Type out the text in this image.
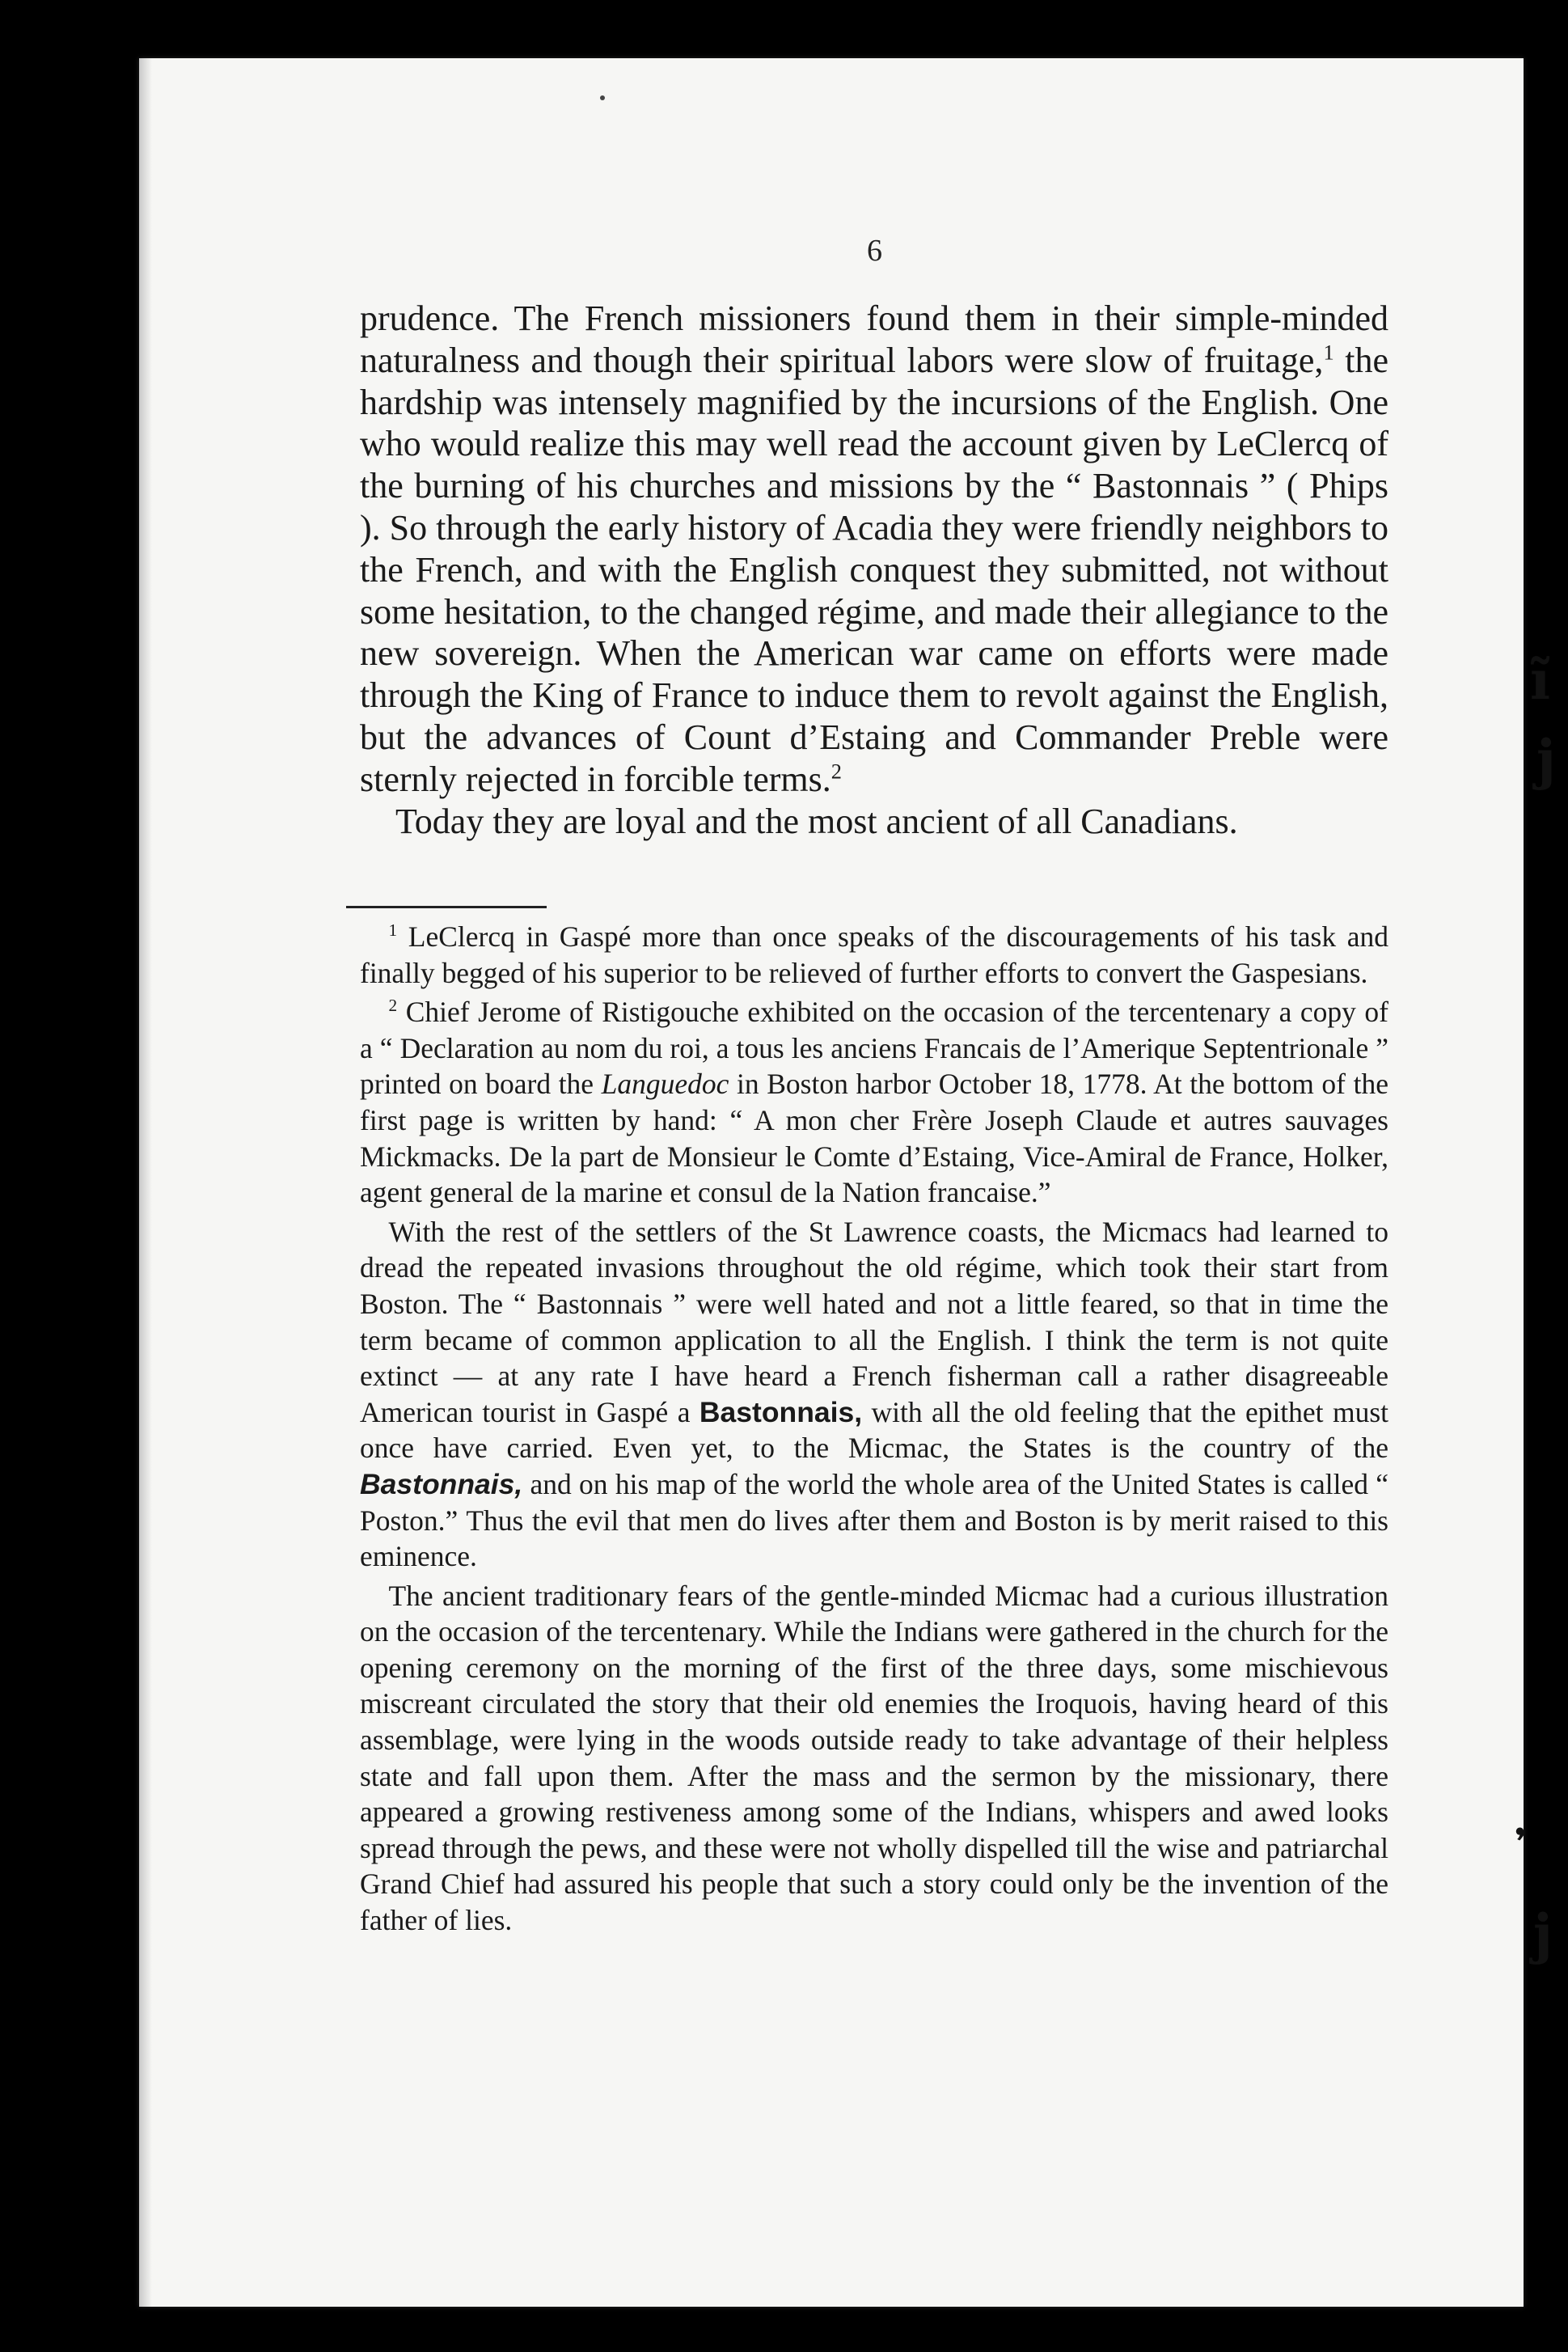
6

prudence. The French missioners found them in their simple-minded naturalness and though their spiritual labors were slow of fruitage,$^1$ the hardship was intensely magnified by the incursions of the English. One who would realize this may well read the account given by LeClercq of the burning of his churches and missions by the “ Bastonnais ” ( Phips ). So through the early history of Acadia they were friendly neighbors to the French, and with the English conquest they submitted, not without some hesitation, to the changed régime, and made their allegiance to the new sovereign. When the American war came on efforts were made through the King of France to induce them to revolt against the English, but the advances of Count d’Estaing and Commander Preble were sternly rejected in forcible terms.$^2$

Today they are loyal and the most ancient of all Canadians.

$^1$ LeClercq in Gaspé more than once speaks of the discouragements of his task and finally begged of his superior to be relieved of further efforts to convert the Gaspesians.

$^2$ Chief Jerome of Ristigouche exhibited on the occasion of the tercentenary a copy of a “ Declaration au nom du roi, a tous les anciens Francais de l’Amerique Septentrionale ” printed on board the Languedoc in Boston harbor October 18, 1778. At the bottom of the first page is written by hand: “ A mon cher Frère Joseph Claude et autres sauvages Mickmacks. De la part de Monsieur le Comte d’Estaing, Vice-Amiral de France, Holker, agent general de la marine et consul de la Nation francaise.”

With the rest of the settlers of the St Lawrence coasts, the Micmacs had learned to dread the repeated invasions throughout the old régime, which took their start from Boston. The “ Bastonnais ” were well hated and not a little feared, so that in time the term became of common application to all the English. I think the term is not quite extinct — at any rate I have heard a French fisherman call a rather disagreeable American tourist in Gaspé a Bastonnais, with all the old feeling that the epithet must once have carried. Even yet, to the Micmac, the States is the country of the Bastonnais, and on his map of the world the whole area of the United States is called “ Poston.” Thus the evil that men do lives after them and Boston is by merit raised to this eminence.

The ancient traditionary fears of the gentle-minded Micmac had a curious illustration on the occasion of the tercentenary. While the Indians were gathered in the church for the opening ceremony on the morning of the first of the three days, some mischievous miscreant circulated the story that their old enemies the Iroquois, having heard of this assemblage, were lying in the woods outside ready to take advantage of their helpless state and fall upon them. After the mass and the sermon by the missionary, there appeared a growing restiveness among some of the Indians, whispers and awed looks spread through the pews, and these were not wholly dispelled till the wise and patriarchal Grand Chief had assured his people that such a story could only be the invention of the father of lies.

ĩ
j
j
